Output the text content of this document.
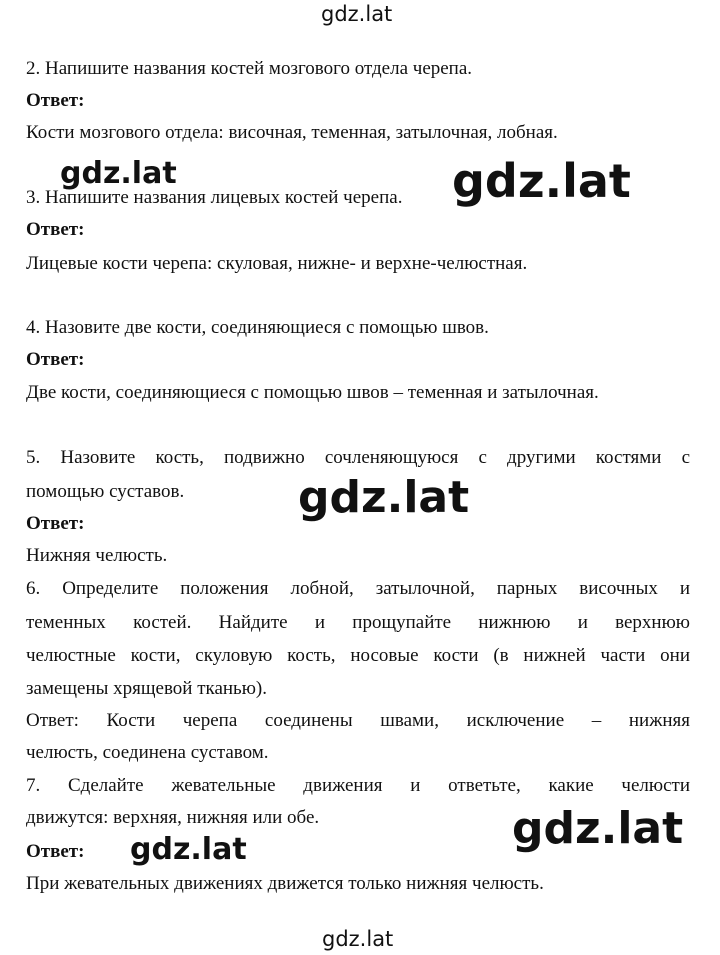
gdz.lat
2. Напишите названия костей мозгового отдела черепа.
Ответ:
Кости мозгового отдела: височная, теменная, затылочная, лобная.
3. Напишите названия лицевых костей черепа.
gdz.lat	gdz.lat
Ответ:
Лицевые кости черепа: скуловая, нижне- и верхне-челюстная.
4. Назовите две кости, соединяющиеся с помощью швов.
Ответ:
Две кости, соединяющиеся с помощью швов – теменная и затылочная.
5. Назовите кость, подвижно сочленяющуюся с другими костями с
помощью суставов.	gdz.lat
Ответ:
Нижняя челюсть.
6. Определите положения лобной, затылочной, парных височных и
теменных костей. Найдите и прощупайте нижнюю и верхнюю
челюстные кости, скуловую кость, носовые кости (в нижней части они
замещены хрящевой тканью).
Ответ: Кости черепа соединены швами, исключение – нижняя
челюсть, соединена суставом.
7. Сделайте жевательные движения и ответьте, какие челюсти
движутся: верхняя, нижняя или обе.	gdz.lat
Ответ: gdz.lat
При жевательных движениях движется только нижняя челюсть.
gdz.lat
